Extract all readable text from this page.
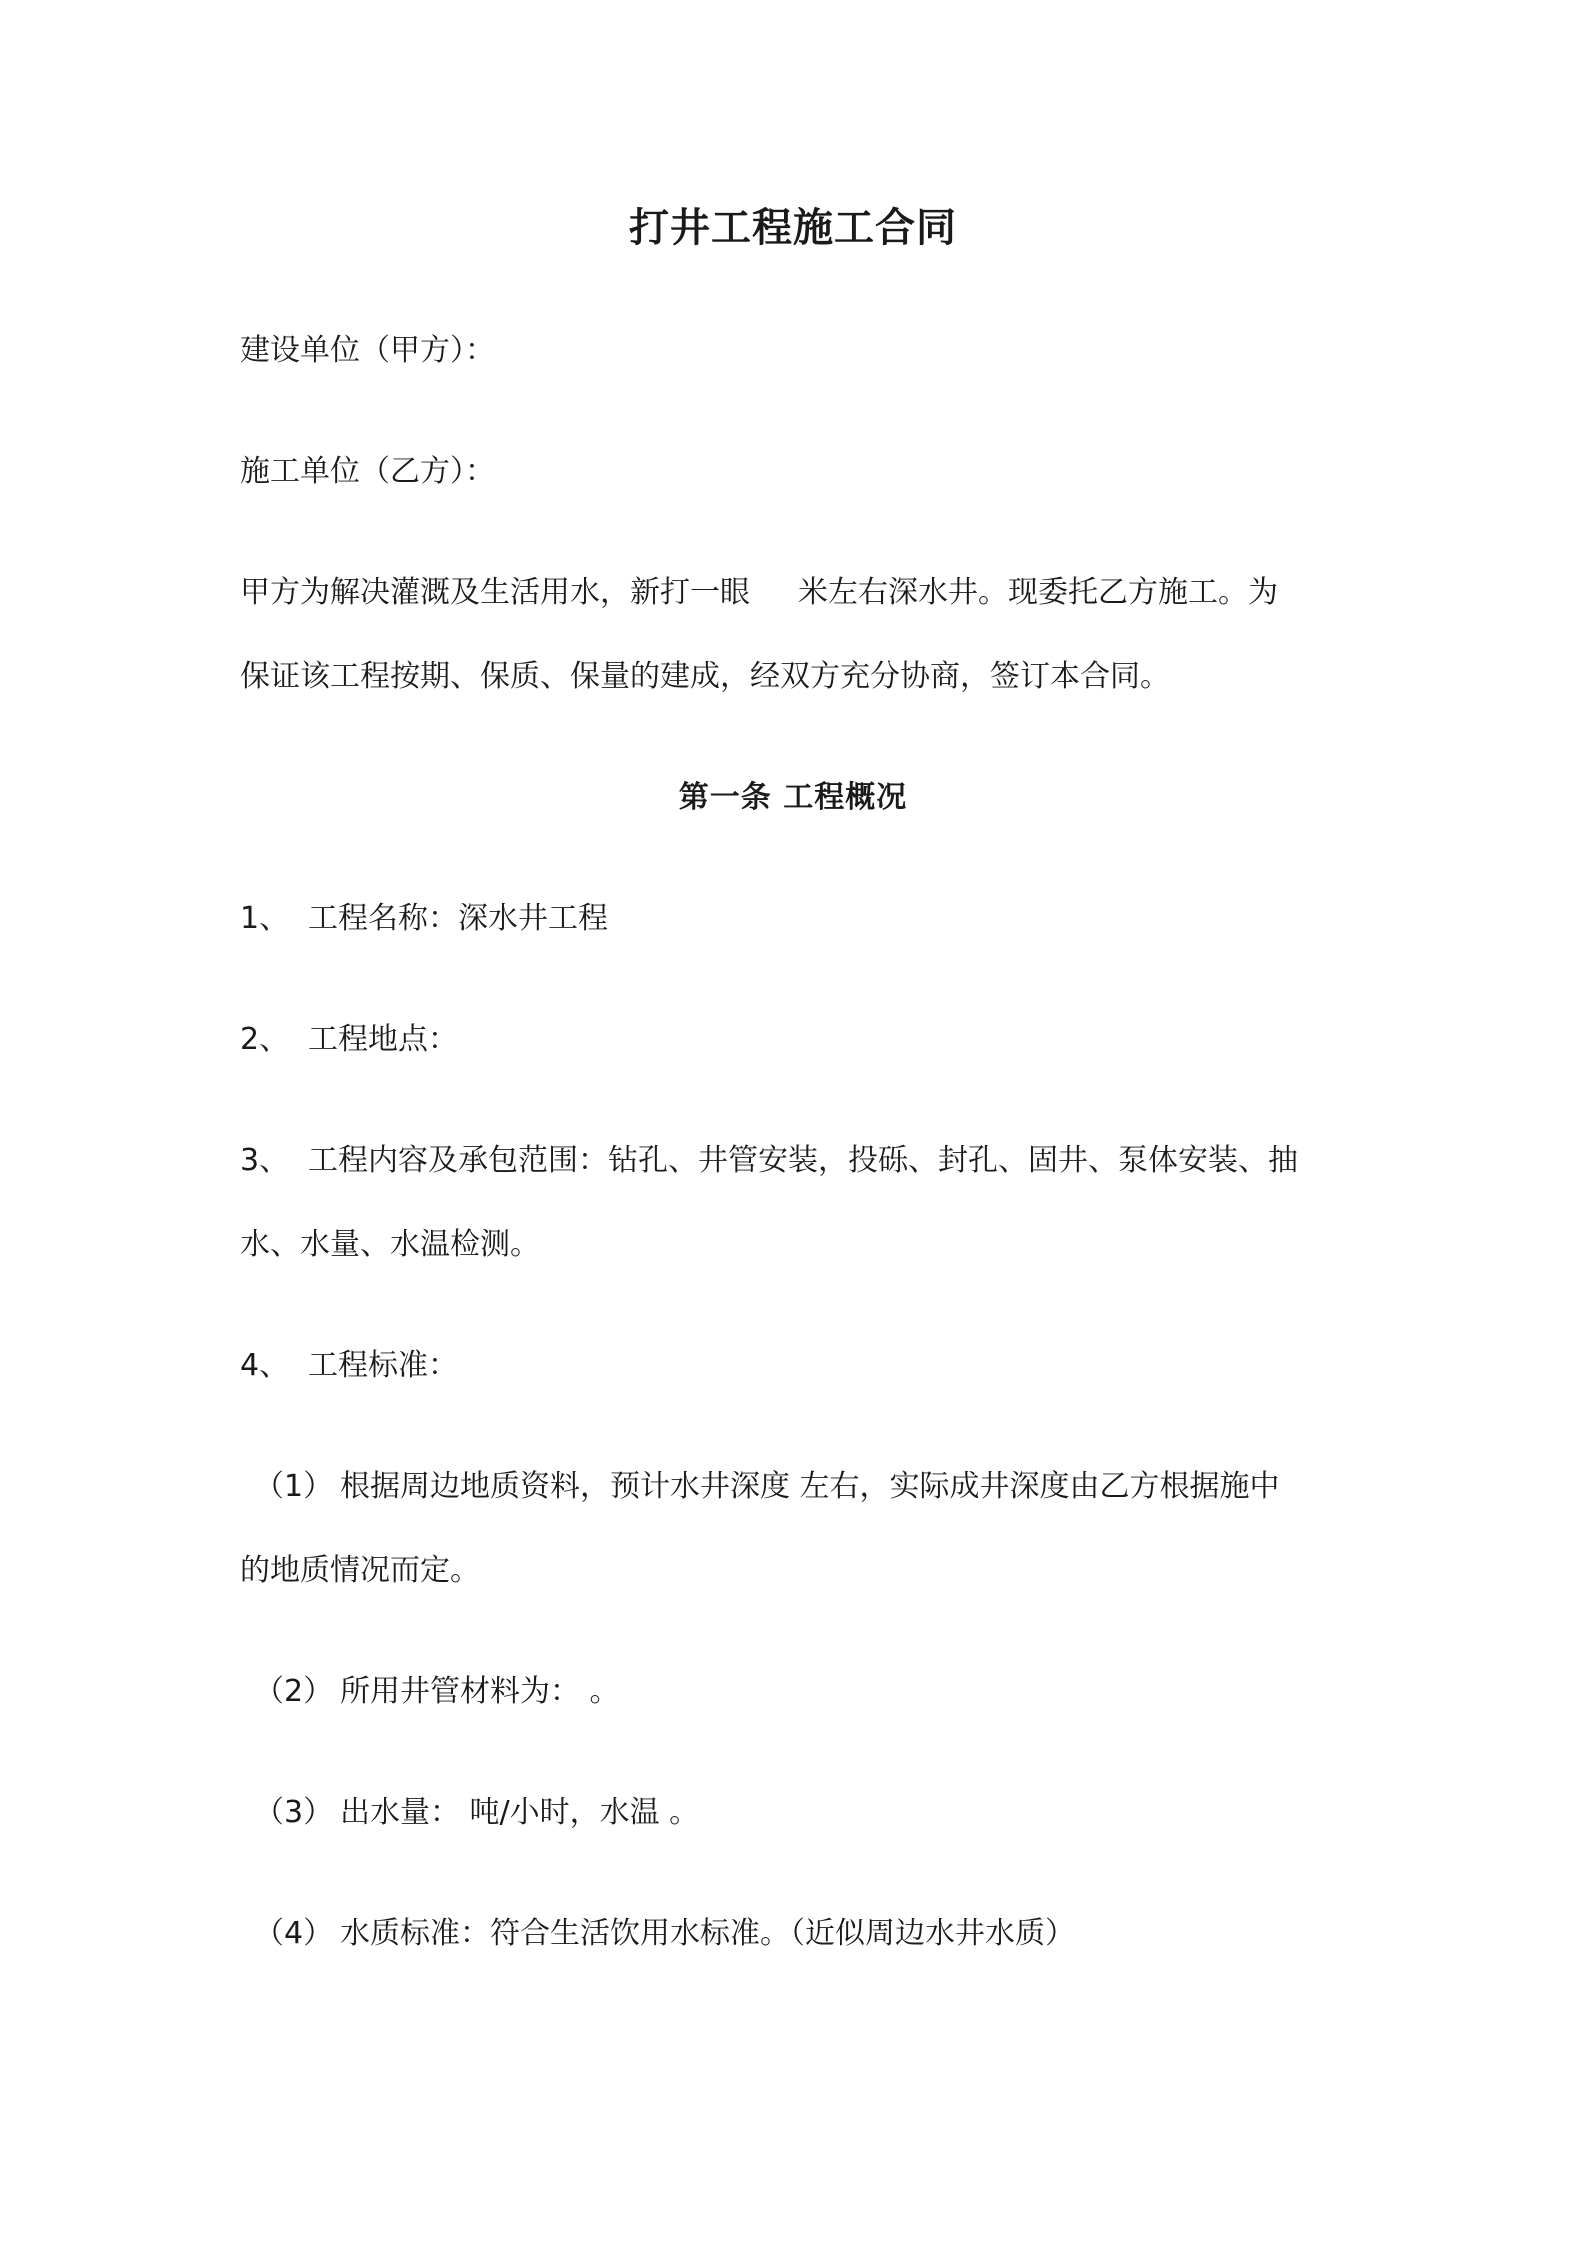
打井工程施工合同
建设单位（甲方）：
施工单位（乙方）：
甲方为解决灌溉及生活用水，新打一眼 米左右深水井。现委托乙方施工。为
保证该工程按期、保质、保量的建成，经双方充分协商，签订本合同。
第一条 工程概况
1、 工程名称：深水井工程
2、 工程地点：
3、 工程内容及承包范围：钻孔、井管安装，投砾、封孔、固井、泵体安装、抽
水、水量、水温检测。
4、 工程标准：
（1） 根据周边地质资料，预计水井深度 左右，实际成井深度由乙方根据施中
的地质情况而定。
（2） 所用井管材料为： 。
（3） 出水量： 吨/小时，水温 。
（4） 水质标准：符合生活饮用水标准。（近似周边水井水质）
